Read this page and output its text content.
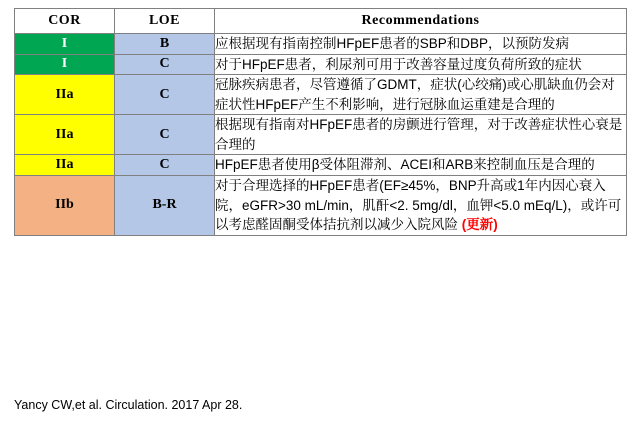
COR	LOE	Recommendations
I	B	应根据现有指南控制HFpEF患者的SBP和DBP，以预防发病
I	C	对于HFpEF患者，利尿剂可用于改善容量过度负荷所致的症状
IIa	C	冠脉疾病患者，尽管遵循了GDMT，症状(心绞痛)或心肌缺血仍会对症状性HFpEF产生不利影响，进行冠脉血运重建是合理的
IIa	C	根据现有指南对HFpEF患者的房颤进行管理，对于改善症状性心衰是合理的
IIa	C	HFpEF患者使用β受体阻滞剂、ACEI和ARB来控制血压是合理的
IIb	B-R	对于合理选择的HFpEF患者(EF≥45%，BNP升高或1年内因心衰入院，eGFR>30 mL/min，肌酐<2. 5mg/dl，血钾<5.0 mEq/L)，或许可以考虑醛固酮受体拮抗剂以减少入院风险 (更新)
Yancy CW,et al. Circulation. 2017 Apr 28.
